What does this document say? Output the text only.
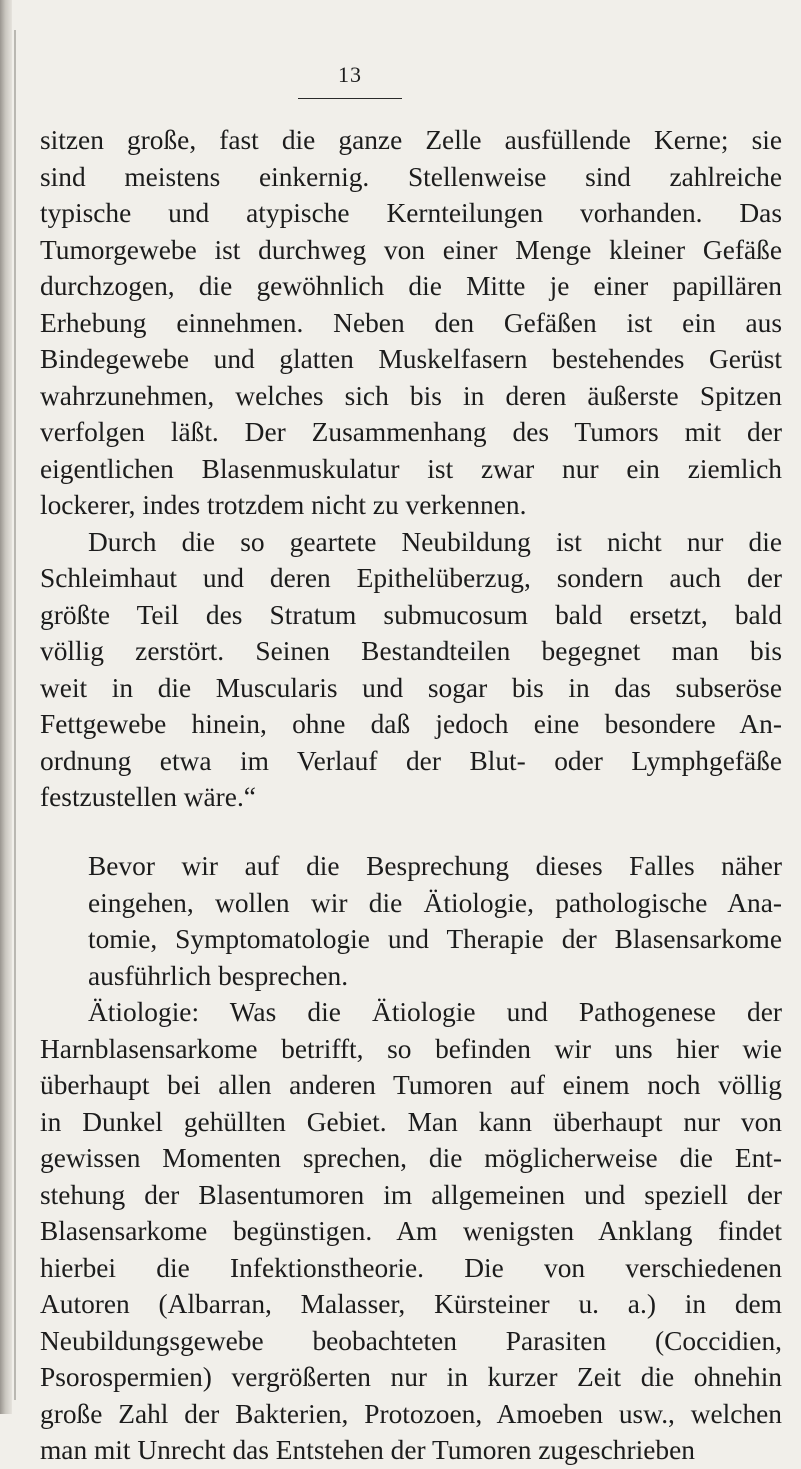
13
sitzen große, fast die ganze Zelle ausfüllende Kerne; sie
sind meistens einkernig. Stellenweise sind zahlreiche
typische und atypische Kernteilungen vorhanden. Das
Tumorgewebe ist durchweg von einer Menge kleiner Gefäße
durchzogen, die gewöhnlich die Mitte je einer papillären
Erhebung einnehmen. Neben den Gefäßen ist ein aus
Bindegewebe und glatten Muskelfasern bestehendes Gerüst
wahrzunehmen, welches sich bis in deren äußerste Spitzen
verfolgen läßt. Der Zusammenhang des Tumors mit der
eigentlichen Blasenmuskulatur ist zwar nur ein ziemlich
lockerer, indes trotzdem nicht zu verkennen.
Durch die so geartete Neubildung ist nicht nur die
Schleimhaut und deren Epithelüberzug, sondern auch der
größte Teil des Stratum submucosum bald ersetzt, bald
völlig zerstört. Seinen Bestandteilen begegnet man bis
weit in die Muscularis und sogar bis in das subseröse
Fettgewebe hinein, ohne daß jedoch eine besondere An-
ordnung etwa im Verlauf der Blut- oder Lymphgefäße
festzustellen wäre.“
Bevor wir auf die Besprechung dieses Falles näher
eingehen, wollen wir die Ätiologie, pathologische Ana-
tomie, Symptomatologie und Therapie der Blasensarkome
ausführlich besprechen.
Ätiologie: Was die Ätiologie und Pathogenese der
Harnblasensarkome betrifft, so befinden wir uns hier wie
überhaupt bei allen anderen Tumoren auf einem noch völlig
in Dunkel gehüllten Gebiet. Man kann überhaupt nur von
gewissen Momenten sprechen, die möglicherweise die Ent-
stehung der Blasentumoren im allgemeinen und speziell der
Blasensarkome begünstigen. Am wenigsten Anklang findet
hierbei die Infektionstheorie. Die von verschiedenen
Autoren (Albarran, Malasser, Kürsteiner u. a.) in dem
Neubildungsgewebe beobachteten Parasiten (Coccidien,
Psorospermien) vergrößerten nur in kurzer Zeit die ohnehin
große Zahl der Bakterien, Protozoen, Amoeben usw., welchen
man mit Unrecht das Entstehen der Tumoren zugeschrieben
